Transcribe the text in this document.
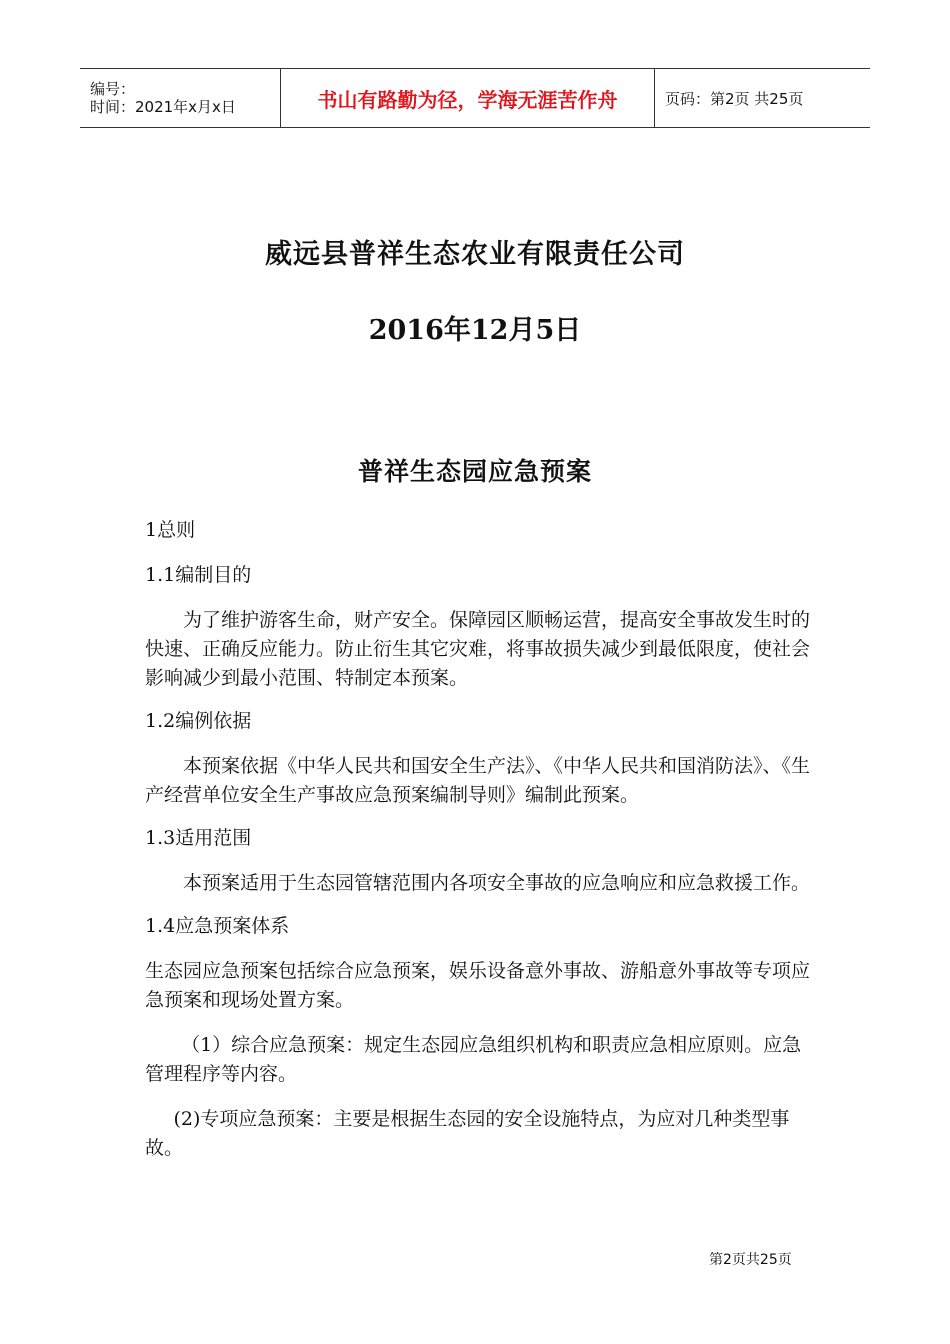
编号：
时间：2021年x月x日	书山有路勤为径，学海无涯苦作舟	页码：第2页 共25页
威远县普祥生态农业有限责任公司
2016年12月5日
普祥生态园应急预案

1总则

1.1编制目的

为了维护游客生命，财产安全。保障园区顺畅运营，提高安全事故发生时的快速、正确反应能力。防止衍生其它灾难，将事故损失减少到最低限度，使社会影响减少到最小范围、特制定本预案。

1.2编例依据

本预案依据《中华人民共和国安全生产法》、《中华人民共和国消防法》、《生产经营单位安全生产事故应急预案编制导则》编制此预案。

1.3适用范围

本预案适用于生态园管辖范围内各项安全事故的应急响应和应急救援工作。

1.4应急预案体系

生态园应急预案包括综合应急预案，娱乐设备意外事故、游船意外事故等专项应急预案和现场处置方案。

（1）综合应急预案：规定生态园应急组织机构和职责应急相应原则。应急管理程序等内容。

(2)专项应急预案：主要是根据生态园的安全设施特点，为应对几种类型事故。

第2页共25页
